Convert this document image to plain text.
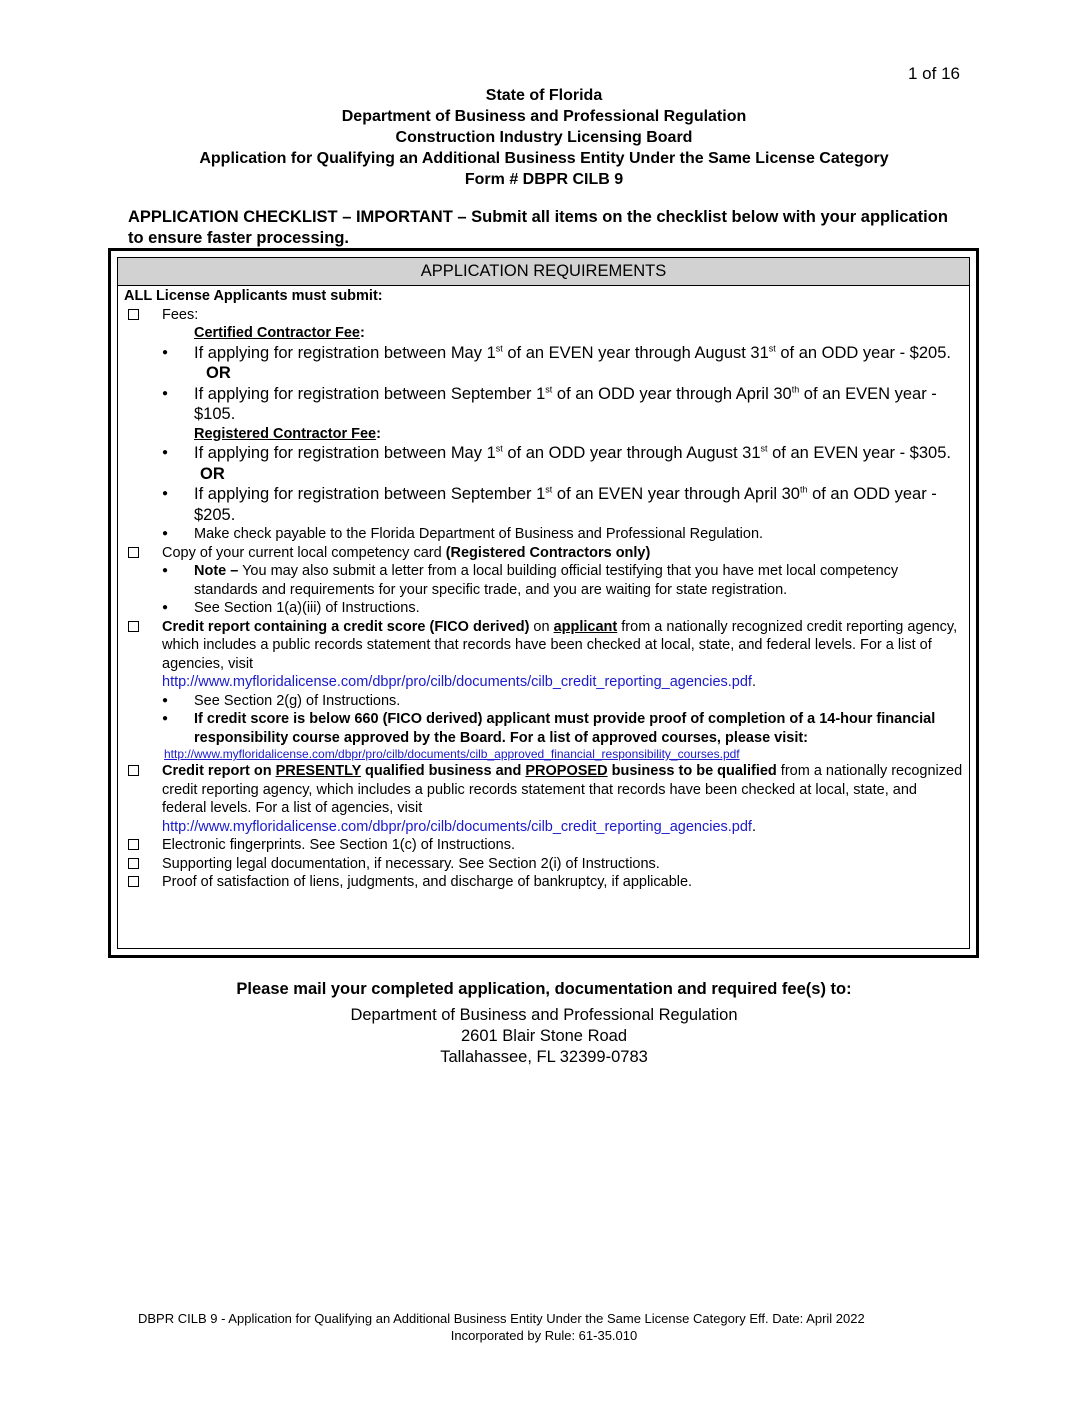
1 of 16
State of Florida
Department of Business and Professional Regulation
Construction Industry Licensing Board
Application for Qualifying an Additional Business Entity Under the Same License Category
Form # DBPR CILB 9
APPLICATION CHECKLIST – IMPORTANT – Submit all items on the checklist below with your application to ensure faster processing.
APPLICATION REQUIREMENTS
ALL License Applicants must submit:
Fees:
Certified Contractor Fee:
● If applying for registration between May 1st of an EVEN year through August 31st of an ODD year - $205.
OR
● If applying for registration between September 1st of an ODD year through April 30th of an EVEN year - $105.
Registered Contractor Fee:
● If applying for registration between May 1st of an ODD year through August 31st of an EVEN year - $305.
OR
● If applying for registration between September 1st of an EVEN year through April 30th of an ODD year - $205.
● Make check payable to the Florida Department of Business and Professional Regulation.
Copy of your current local competency card (Registered Contractors only)
● Note – You may also submit a letter from a local building official testifying that you have met local competency standards and requirements for your specific trade, and you are waiting for state registration.
● See Section 1(a)(iii) of Instructions.
Credit report containing a credit score (FICO derived) on applicant from a nationally recognized credit reporting agency, which includes a public records statement that records have been checked at local, state, and federal levels. For a list of agencies, visit
http://www.myfloridalicense.com/dbpr/pro/cilb/documents/cilb_credit_reporting_agencies.pdf.
● See Section 2(g) of Instructions.
● If credit score is below 660 (FICO derived) applicant must provide proof of completion of a 14-hour financial responsibility course approved by the Board. For a list of approved courses, please visit:
http://www.myfloridalicense.com/dbpr/pro/cilb/documents/cilb_approved_financial_responsibility_courses.pdf
Credit report on PRESENTLY qualified business and PROPOSED business to be qualified from a nationally recognized credit reporting agency, which includes a public records statement that records have been checked at local, state, and federal levels. For a list of agencies, visit
http://www.myfloridalicense.com/dbpr/pro/cilb/documents/cilb_credit_reporting_agencies.pdf.
Electronic fingerprints. See Section 1(c) of Instructions.
Supporting legal documentation, if necessary. See Section 2(i) of Instructions.
Proof of satisfaction of liens, judgments, and discharge of bankruptcy, if applicable.
Please mail your completed application, documentation and required fee(s) to:
Department of Business and Professional Regulation
2601 Blair Stone Road
Tallahassee, FL 32399-0783
DBPR CILB 9 - Application for Qualifying an Additional Business Entity Under the Same License Category Eff. Date: April 2022
Incorporated by Rule: 61-35.010
